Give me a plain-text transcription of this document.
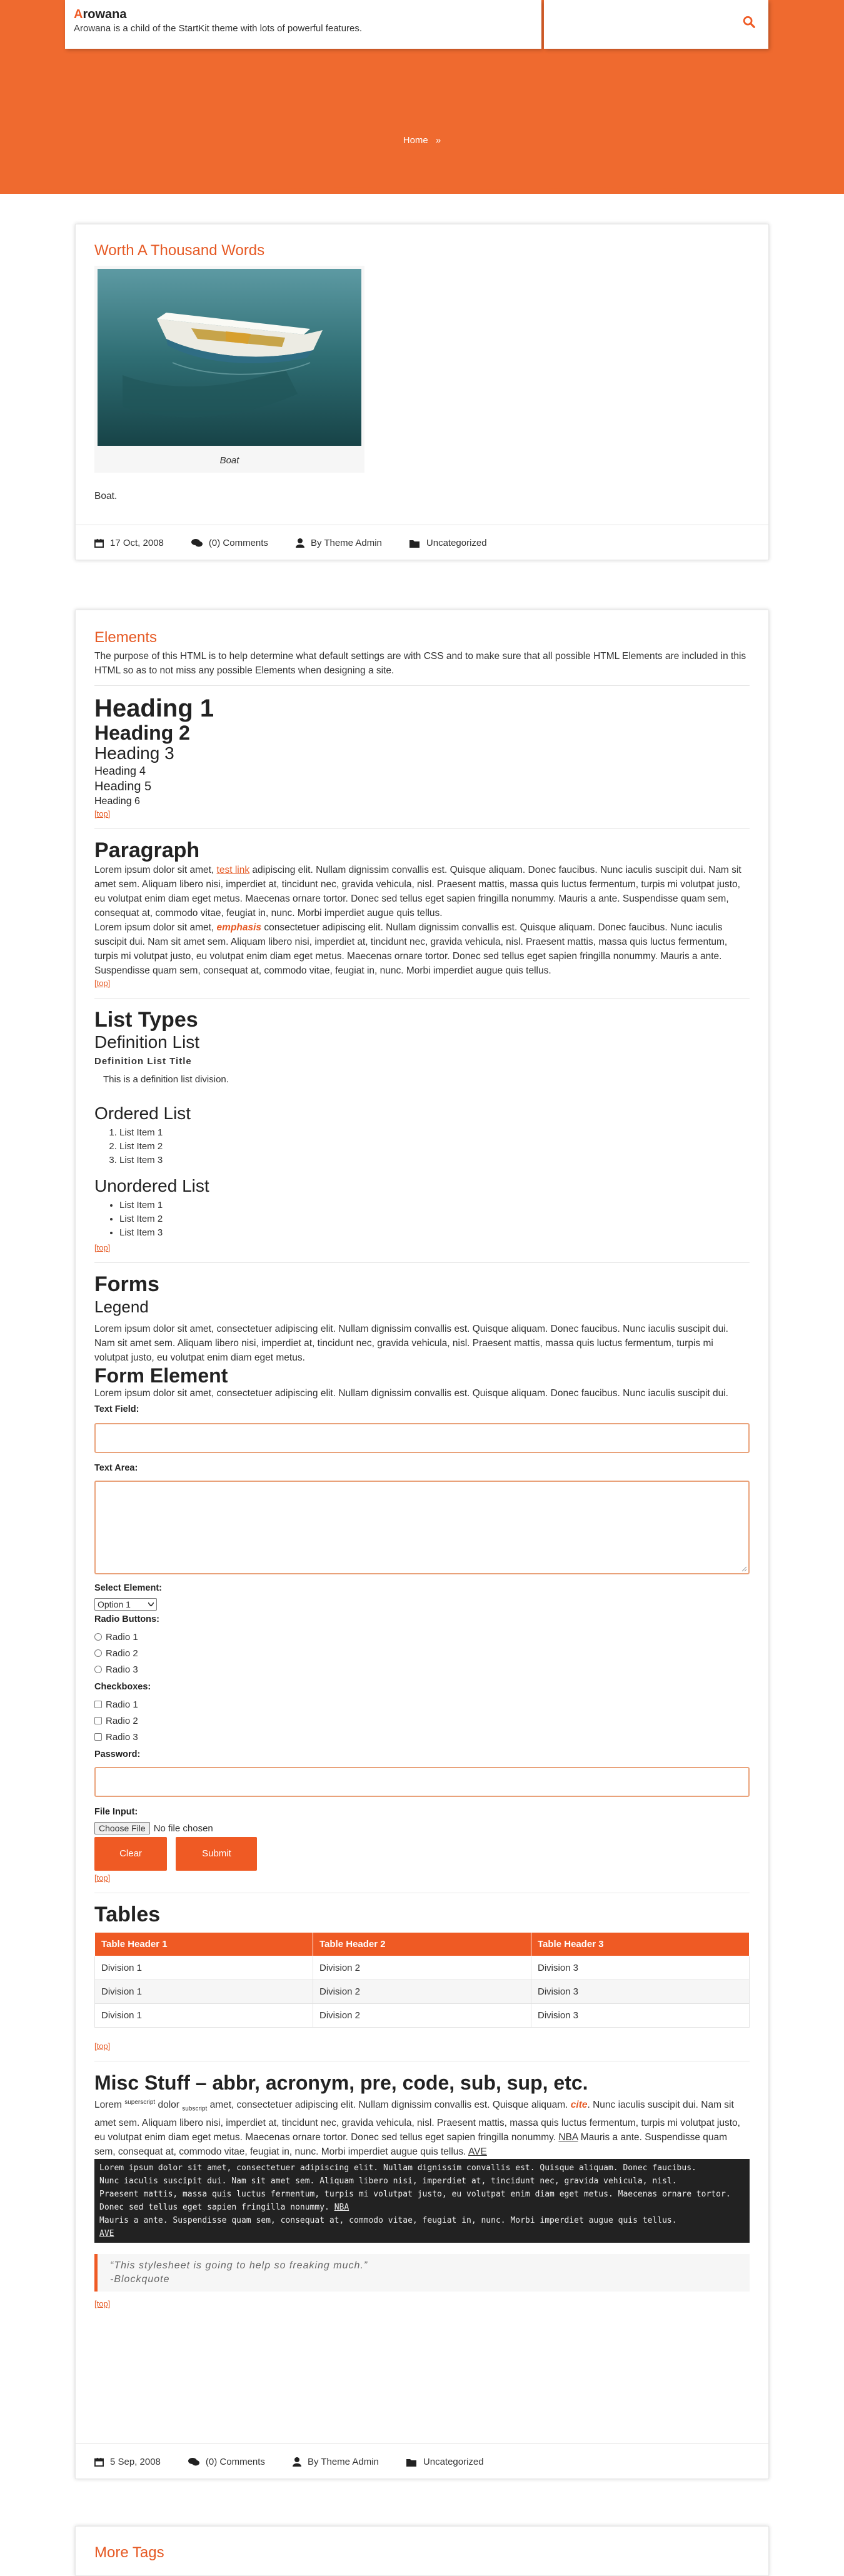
Arowana
Arowana is a child of the StartKit theme with lots of powerful features.
Home »
Worth A Thousand Words
Boat

Boat.

17 Oct, 2008	(0) Comments	By Theme Admin	Uncategorized
Elements

The purpose of this HTML is to help determine what default settings are with CSS and to make sure that all possible HTML Elements are included in this HTML so as to not miss any possible Elements when designing a site.

Heading 1
Heading 2
Heading 3
Heading 4
Heading 5
Heading 6
[top]
Paragraph

Lorem ipsum dolor sit amet, test link adipiscing elit. Nullam dignissim convallis est. Quisque aliquam. Donec faucibus. Nunc iaculis suscipit dui. Nam sit amet sem. Aliquam libero nisi, imperdiet at, tincidunt nec, gravida vehicula, nisl. Praesent mattis, massa quis luctus fermentum, turpis mi volutpat justo, eu volutpat enim diam eget metus. Maecenas ornare tortor. Donec sed tellus eget sapien fringilla nonummy. Mauris a ante. Suspendisse quam sem, consequat at, commodo vitae, feugiat in, nunc. Morbi imperdiet augue quis tellus.

Lorem ipsum dolor sit amet, emphasis consectetuer adipiscing elit. Nullam dignissim convallis est. Quisque aliquam. Donec faucibus. Nunc iaculis suscipit dui. Nam sit amet sem. Aliquam libero nisi, imperdiet at, tincidunt nec, gravida vehicula, nisl. Praesent mattis, massa quis luctus fermentum, turpis mi volutpat justo, eu volutpat enim diam eget metus. Maecenas ornare tortor. Donec sed tellus eget sapien fringilla nonummy. Mauris a ante. Suspendisse quam sem, consequat at, commodo vitae, feugiat in, nunc. Morbi imperdiet augue quis tellus.

[top]
List Types
Definition List
Definition List Title
This is a definition list division.
Ordered List
1. List Item 1
2. List Item 2
3. List Item 3
Unordered List
• List Item 1
• List Item 2
• List Item 3
[top]
Forms
Legend

Lorem ipsum dolor sit amet, consectetuer adipiscing elit. Nullam dignissim convallis est. Quisque aliquam. Donec faucibus. Nunc iaculis suscipit dui. Nam sit amet sem. Aliquam libero nisi, imperdiet at, tincidunt nec, gravida vehicula, nisl. Praesent mattis, massa quis luctus fermentum, turpis mi volutpat justo, eu volutpat enim diam eget metus.

Form Element

Lorem ipsum dolor sit amet, consectetuer adipiscing elit. Nullam dignissim convallis est. Quisque aliquam. Donec faucibus. Nunc iaculis suscipit dui.

Text Field:
Text Area:
Select Element:
Option 1
Radio Buttons:
Radio 1
Radio 2
Radio 3
Checkboxes:
Radio 1
Radio 2
Radio 3
Password:
File Input:
Choose File No file chosen
Clear	Submit
[top]
Tables
Table Header 1	Table Header 2	Table Header 3
Division 1	Division 2	Division 3
Division 1	Division 2	Division 3
Division 1	Division 2	Division 3
[top]
Misc Stuff – abbr, acronym, pre, code, sub, sup, etc.

Lorem $^{superscript}$ dolor $_{subscript}$ amet, consectetuer adipiscing elit. Nullam dignissim convallis est. Quisque aliquam. cite. Nunc iaculis suscipit dui. Nam sit amet sem. Aliquam libero nisi, imperdiet at, tincidunt nec, gravida vehicula, nisl. Praesent mattis, massa quis luctus fermentum, turpis mi volutpat justo, eu volutpat enim diam eget metus. Maecenas ornare tortor. Donec sed tellus eget sapien fringilla nonummy. NBA Mauris a ante. Suspendisse quam sem, consequat at, commodo vitae, feugiat in, nunc. Morbi imperdiet augue quis tellus. AVE

Lorem ipsum dolor sit amet, consectetuer adipiscing elit. Nullam dignissim convallis est. Quisque aliquam. Donec faucibus.
Nunc iaculis suscipit dui. Nam sit amet sem. Aliquam libero nisi, imperdiet at, tincidunt nec, gravida vehicula, nisl.
Praesent mattis, massa quis luctus fermentum, turpis mi volutpat justo, eu volutpat enim diam eget metus. Maecenas ornare tortor.
Donec sed tellus eget sapien fringilla nonummy. NBA
Mauris a ante. Suspendisse quam sem, consequat at, commodo vitae, feugiat in, nunc. Morbi imperdiet augue quis tellus.
AVE
“This stylesheet is going to help so freaking much.”
-Blockquote
[top]
5 Sep, 2008	(0) Comments	By Theme Admin	Uncategorized
More Tags
